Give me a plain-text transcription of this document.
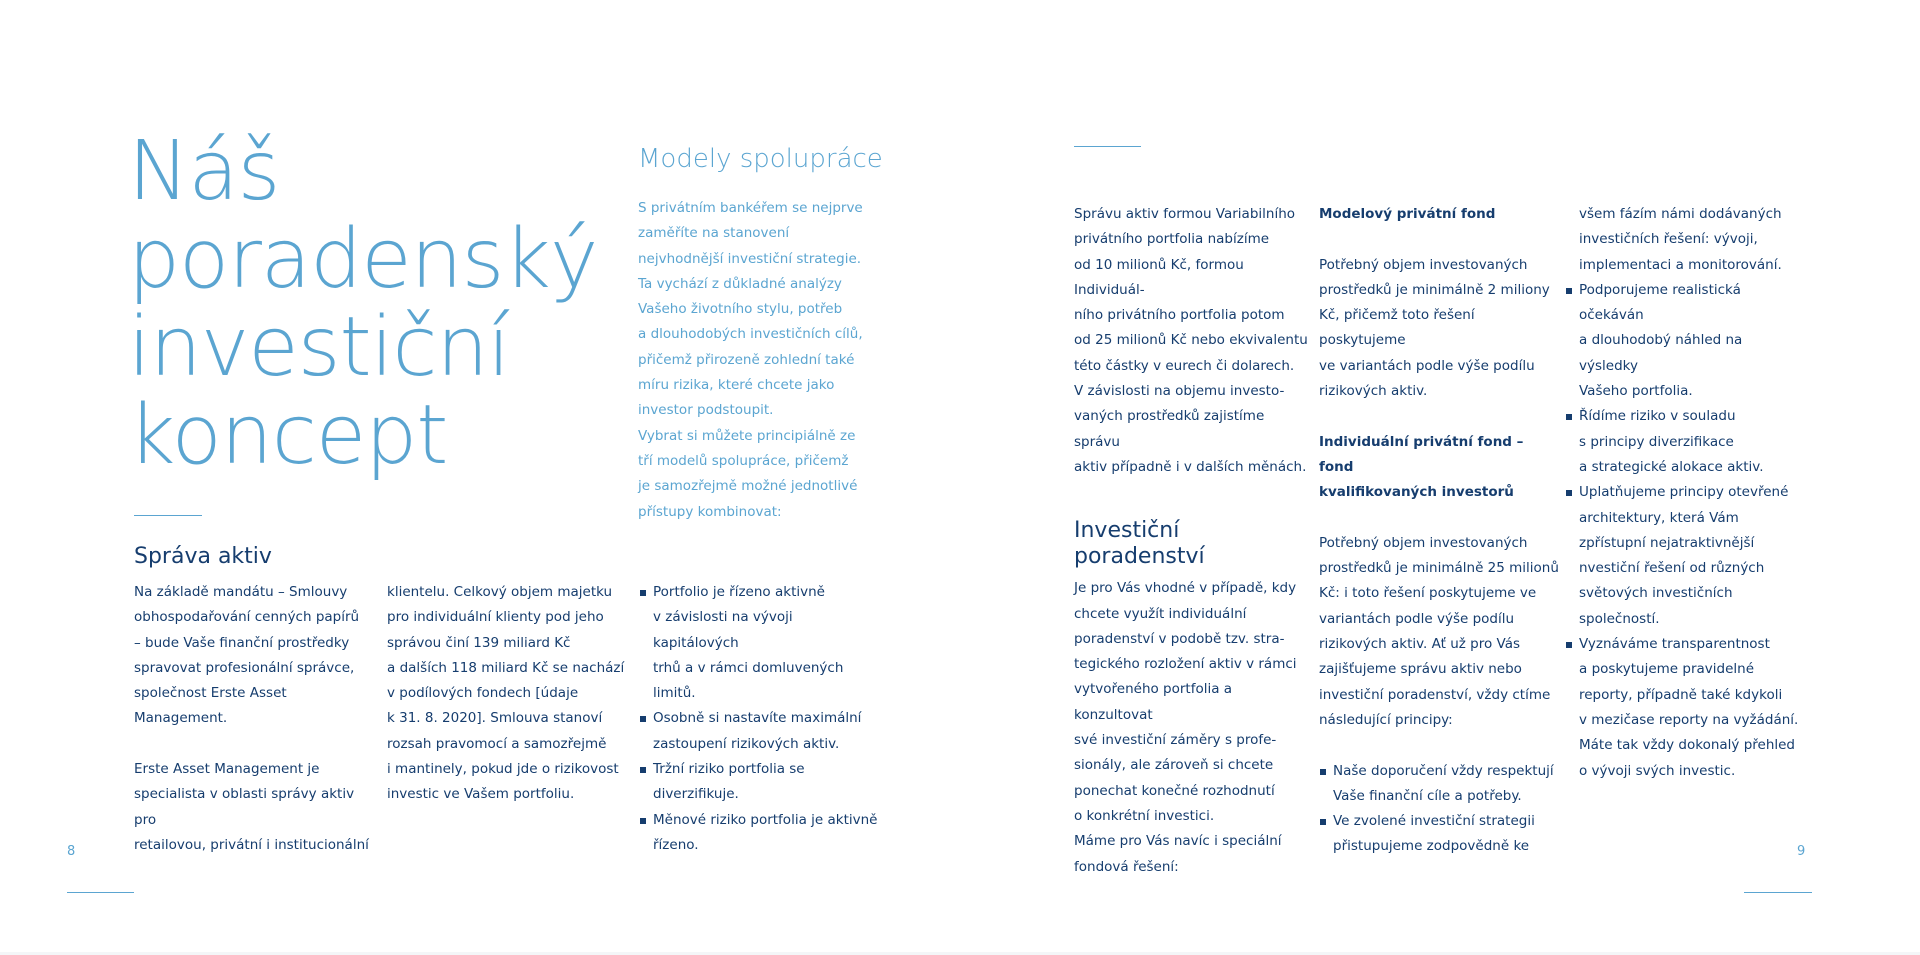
Náš
poradenský
investiční
koncept
Správa aktiv

Na základě mandátu – Smlouvy
obhospodařování cenných papírů
– bude Vaše finanční prostředky
spravovat profesionální správce,
společnost Erste Asset Management.

Erste Asset Management je
specialista v oblasti správy aktiv pro
retailovou, privátní i institucionální

klientelu. Celkový objem majetku
pro individuální klienty pod jeho
správou činí 139 miliard Kč
a dalších 118 miliard Kč se nachází
v podílových fondech [údaje
k 31. 8. 2020]. Smlouva stanoví
rozsah pravomocí a samozřejmě
i mantinely, pokud jde o rizikovost
investic ve Vašem portfoliu.

Modely spolupráce

S privátním bankéřem se nejprve
zaměříte na stanovení
nejvhodnější investiční strategie.
Ta vychází z důkladné analýzy
Vašeho životního stylu, potřeb
a dlouhodobých investičních cílů,
přičemž přirozeně zohlední také
míru rizika, které chcete jako
investor podstoupit.
Vybrat si můžete principiálně ze
tří modelů spolupráce, přičemž
je samozřejmě možné jednotlivé
přístupy kombinovat:

Portfolio je řízeno aktivně
v závislosti na vývoji kapitálových
trhů a v rámci domluvených
limitů.
Osobně si nastavíte maximální
zastoupení rizikových aktiv.
Tržní riziko portfolia se diverzifikuje.
Měnové riziko portfolia je aktivně
řízeno.
8

Správu aktiv formou Variabilního
privátního portfolia nabízíme
od 10 milionů Kč, formou Individuál-
ního privátního portfolia potom
od 25 milionů Kč nebo ekvivalentu
této částky v eurech či dolarech.
V závislosti na objemu investo-
vaných prostředků zajistíme správu
aktiv případně i v dalších měnách.

Investiční
poradenství

Je pro Vás vhodné v případě, kdy
chcete využít individuální
poradenství v podobě tzv. stra-
tegického rozložení aktiv v rámci
vytvořeného portfolia a konzultovat
své investiční záměry s profe-
sionály, ale zároveň si chcete
ponechat konečné rozhodnutí
o konkrétní investici.
Máme pro Vás navíc i speciální
fondová řešení:

Modelový privátní fond

Potřebný objem investovaných
prostředků je minimálně 2 miliony
Kč, přičemž toto řešení poskytujeme
ve variantách podle výše podílu
rizikových aktiv.

Individuální privátní fond – fond
kvalifikovaných investorů

Potřebný objem investovaných
prostředků je minimálně 25 milionů
Kč: i toto řešení poskytujeme ve
variantách podle výše podílu
rizikových aktiv. Ať už pro Vás
zajišťujeme správu aktiv nebo
investiční poradenství, vždy ctíme
následující principy:

Naše doporučení vždy respektují
Vaše finanční cíle a potřeby.
Ve zvolené investiční strategii
přistupujeme zodpovědně ke

všem fázím námi dodávaných
investičních řešení: vývoji,
implementaci a monitorování.

Podporujeme realistická očekáván
a dlouhodobý náhled na výsledky
Vašeho portfolia.
Řídíme riziko v souladu
s principy diverzifikace
a strategické alokace aktiv.
Uplatňujeme principy otevřené
architektury, která Vám
zpřístupní nejatraktivnější
nvestiční řešení od různých
světových investičních
společností.
Vyznáváme transparentnost
a poskytujeme pravidelné
reporty, případně také kdykoli
v mezičase reporty na vyžádání.
Máte tak vždy dokonalý přehled
o vývoji svých investic.
9
